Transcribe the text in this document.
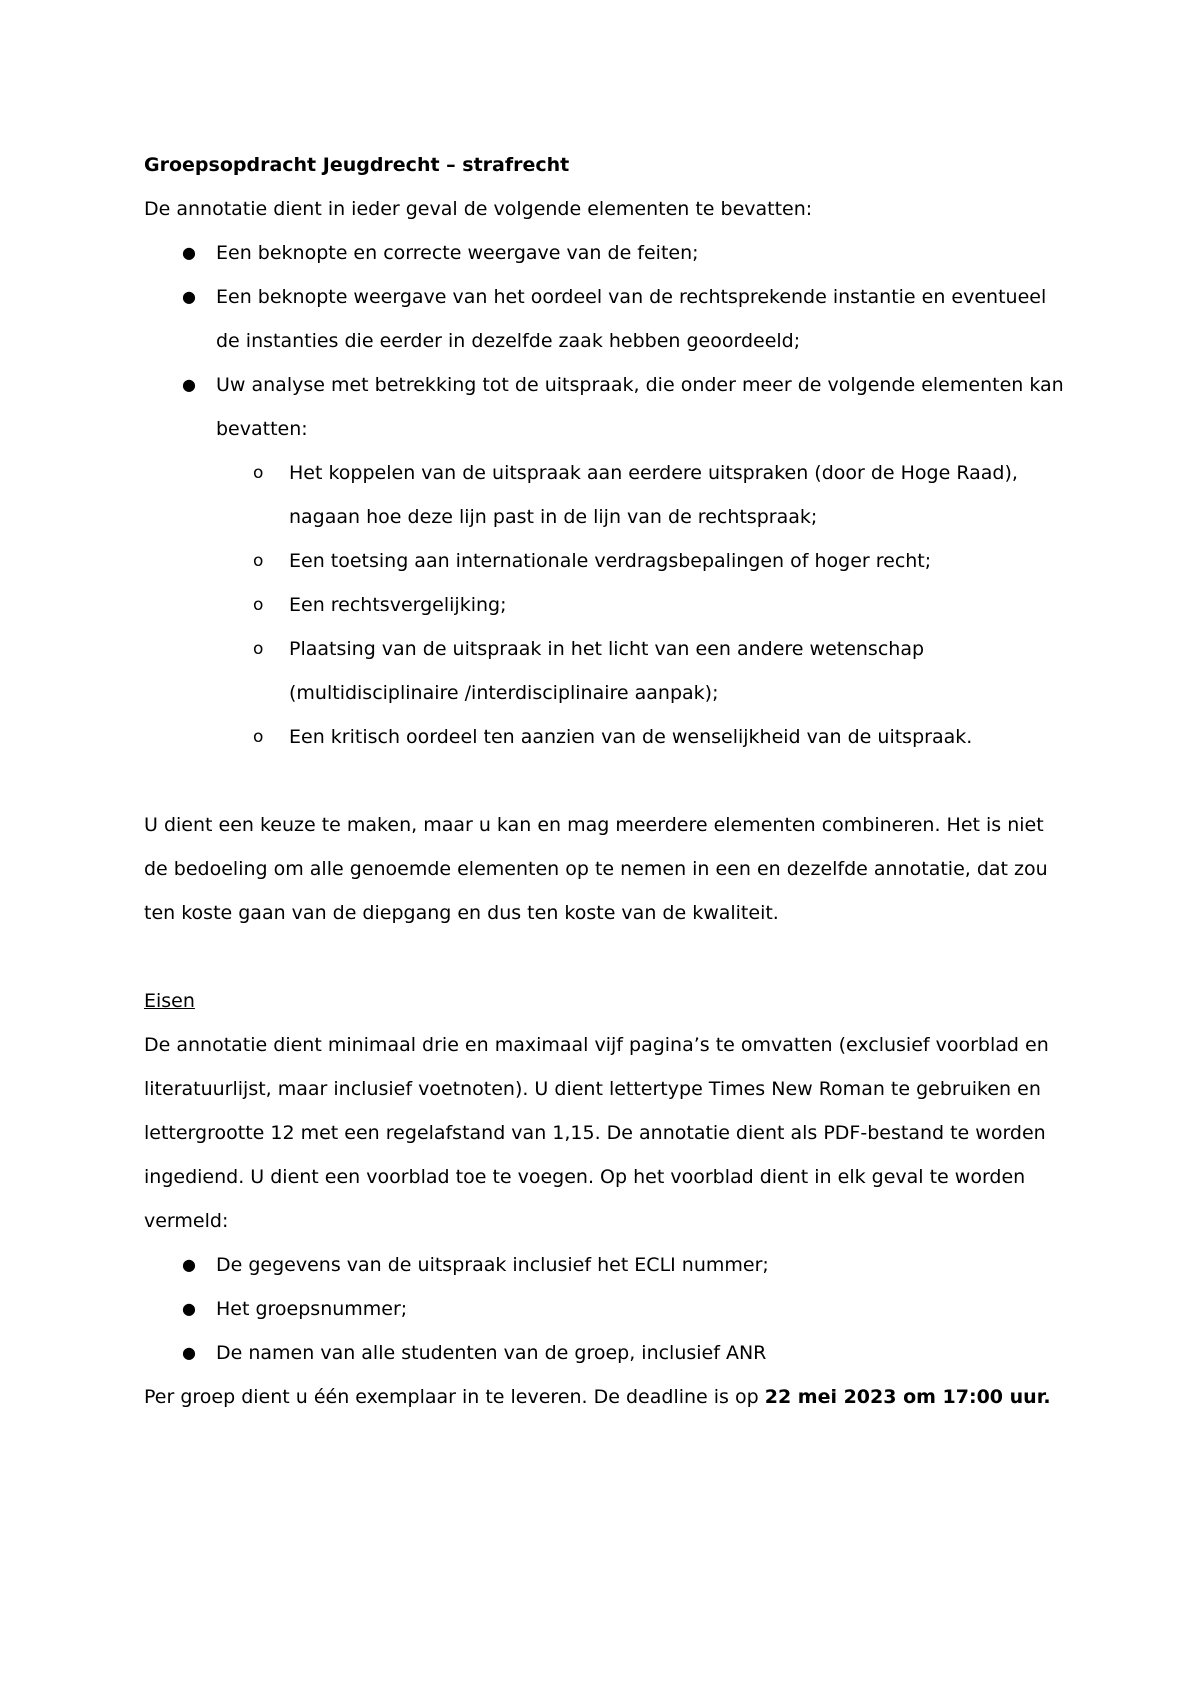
Groepsopdracht Jeugdrecht – strafrecht

De annotatie dient in ieder geval de volgende elementen te bevatten:

● Een beknopte en correcte weergave van de feiten;
● Een beknopte weergave van het oordeel van de rechtsprekende instantie en eventueel de instanties die eerder in dezelfde zaak hebben geoordeeld;
● Uw analyse met betrekking tot de uitspraak, die onder meer de volgende elementen kan bevatten:
o Het koppelen van de uitspraak aan eerdere uitspraken (door de Hoge Raad), nagaan hoe deze lijn past in de lijn van de rechtspraak;
o Een toetsing aan internationale verdragsbepalingen of hoger recht;
o Een rechtsvergelijking;
o Plaatsing van de uitspraak in het licht van een andere wetenschap (multidisciplinaire /interdisciplinaire aanpak);
o Een kritisch oordeel ten aanzien van de wenselijkheid van de uitspraak.

U dient een keuze te maken, maar u kan en mag meerdere elementen combineren. Het is niet de bedoeling om alle genoemde elementen op te nemen in een en dezelfde annotatie, dat zou ten koste gaan van de diepgang en dus ten koste van de kwaliteit.

Eisen

De annotatie dient minimaal drie en maximaal vijf pagina’s te omvatten (exclusief voorblad en literatuurlijst, maar inclusief voetnoten). U dient lettertype Times New Roman te gebruiken en lettergrootte 12 met een regelafstand van 1,15. De annotatie dient als PDF-bestand te worden ingediend. U dient een voorblad toe te voegen. Op het voorblad dient in elk geval te worden vermeld:

● De gegevens van de uitspraak inclusief het ECLI nummer;
● Het groepsnummer;
● De namen van alle studenten van de groep, inclusief ANR

Per groep dient u één exemplaar in te leveren. De deadline is op 22 mei 2023 om 17:00 uur.
